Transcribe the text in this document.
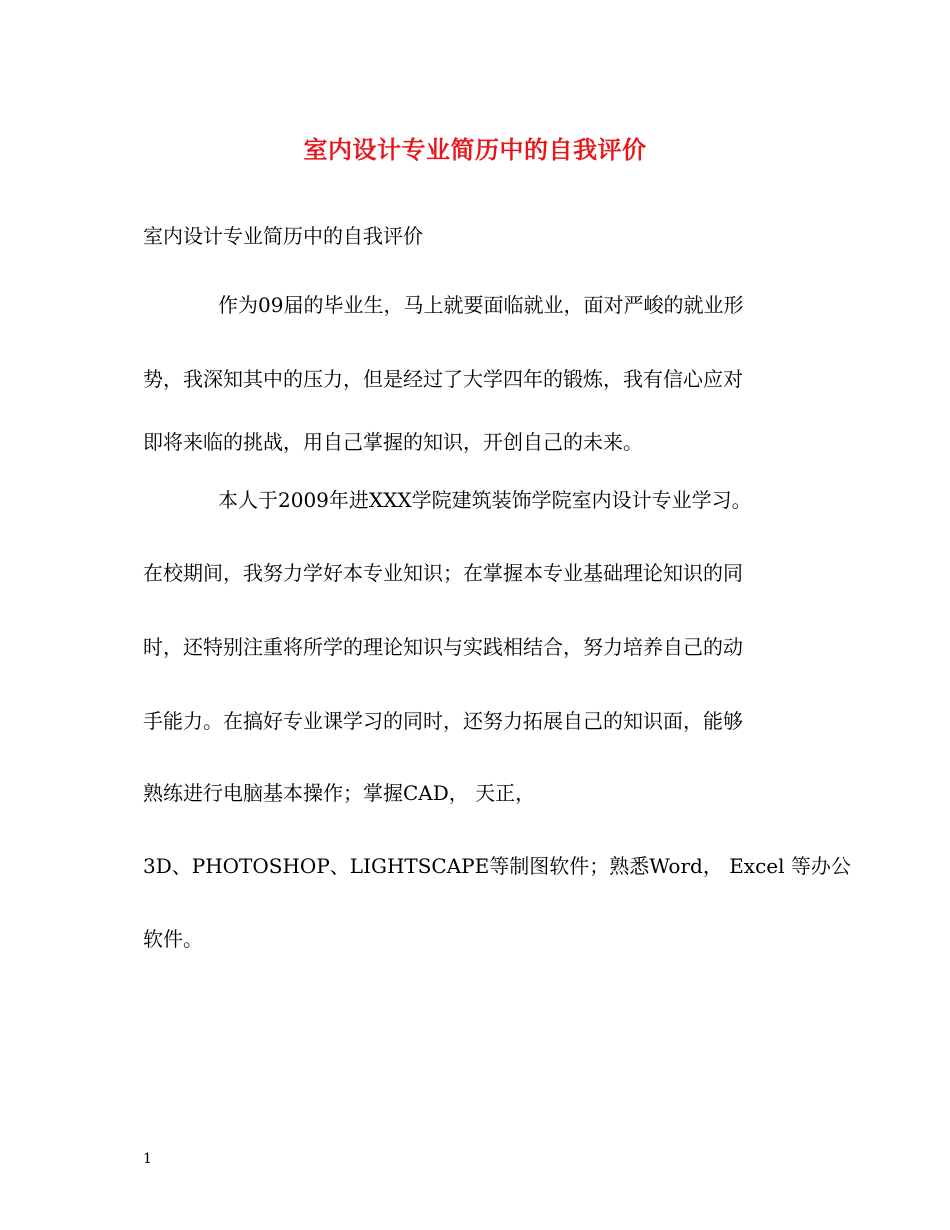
室内设计专业简历中的自我评价
室内设计专业简历中的自我评价
作为09届的毕业生，马上就要面临就业，面对严峻的就业形
势，我深知其中的压力，但是经过了大学四年的锻炼，我有信心应对
即将来临的挑战，用自己掌握的知识，开创自己的未来。
本人于2009年进XXX学院建筑装饰学院室内设计专业学习。
在校期间，我努力学好本专业知识；在掌握本专业基础理论知识的同
时，还特别注重将所学的理论知识与实践相结合，努力培养自己的动
手能力。在搞好专业课学习的同时，还努力拓展自己的知识面，能够
熟练进行电脑基本操作；掌握CAD， 天正，
3D、PHOTOSHOP、LIGHTSCAPE等制图软件；熟悉Word， Excel 等办公
软件。
1
